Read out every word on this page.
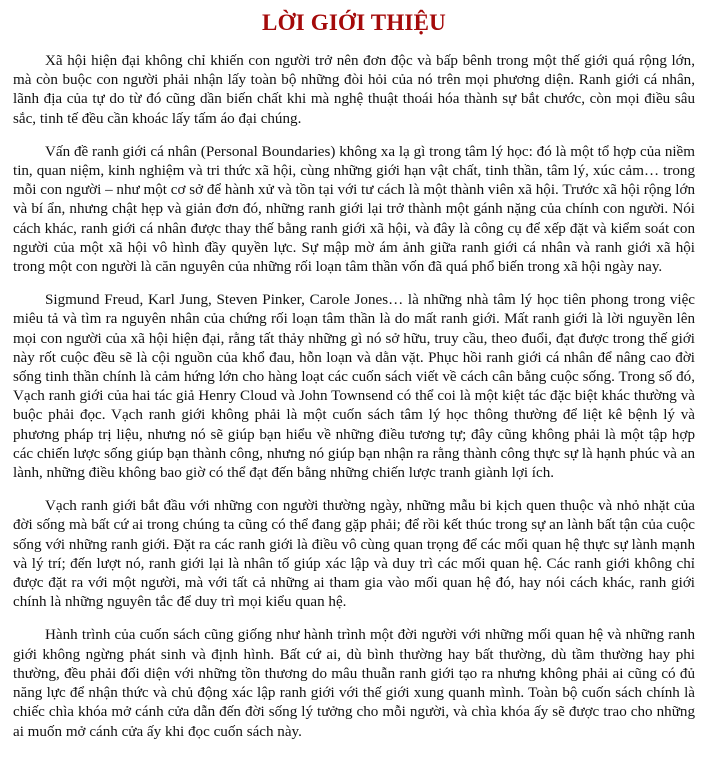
LỜI GIỚI THIỆU

Xã hội hiện đại không chỉ khiến con người trở nên đơn độc và bấp bênh trong một thế giới quá rộng lớn, mà còn buộc con người phải nhận lấy toàn bộ những đòi hỏi của nó trên mọi phương diện. Ranh giới cá nhân, lãnh địa của tự do từ đó cũng dần biến chất khi mà nghệ thuật thoái hóa thành sự bắt chước, còn mọi điều sâu sắc, tinh tế đều cần khoác lấy tấm áo đại chúng.

Vấn đề ranh giới cá nhân (Personal Boundaries) không xa lạ gì trong tâm lý học: đó là một tổ hợp của niềm tin, quan niệm, kinh nghiệm và tri thức xã hội, cùng những giới hạn vật chất, tinh thần, tâm lý, xúc cảm… trong mỗi con người – như một cơ sở để hành xử và tồn tại với tư cách là một thành viên xã hội. Trước xã hội rộng lớn và bí ẩn, nhưng chật hẹp và giản đơn đó, những ranh giới lại trở thành một gánh nặng của chính con người. Nói cách khác, ranh giới cá nhân được thay thế bằng ranh giới xã hội, và đây là công cụ để xếp đặt và kiểm soát con người của một xã hội vô hình đầy quyền lực. Sự mập mờ ám ảnh giữa ranh giới cá nhân và ranh giới xã hội trong một con người là căn nguyên của những rối loạn tâm thần vốn đã quá phổ biến trong xã hội ngày nay.

Sigmund Freud, Karl Jung, Steven Pinker, Carole Jones… là những nhà tâm lý học tiên phong trong việc miêu tả và tìm ra nguyên nhân của chứng rối loạn tâm thần là do mất ranh giới. Mất ranh giới là lời nguyền lên mọi con người của xã hội hiện đại, rằng tất thảy những gì nó sở hữu, truy cầu, theo đuổi, đạt được trong thế giới này rốt cuộc đều sẽ là cội nguồn của khổ đau, hỗn loạn và dằn vặt. Phục hồi ranh giới cá nhân để nâng cao đời sống tinh thần chính là cảm hứng lớn cho hàng loạt các cuốn sách viết về cách cân bằng cuộc sống. Trong số đó, Vạch ranh giới của hai tác giả Henry Cloud và John Townsend có thể coi là một kiệt tác đặc biệt khác thường và buộc phải đọc. Vạch ranh giới không phải là một cuốn sách tâm lý học thông thường để liệt kê bệnh lý và phương pháp trị liệu, nhưng nó sẽ giúp bạn hiểu về những điều tương tự; đây cũng không phải là một tập hợp các chiến lược sống giúp bạn thành công, nhưng nó giúp bạn nhận ra rằng thành công thực sự là hạnh phúc và an lành, những điều không bao giờ có thể đạt đến bằng những chiến lược tranh giành lợi ích.

Vạch ranh giới bắt đầu với những con người thường ngày, những mẫu bi kịch quen thuộc và nhỏ nhặt của đời sống mà bất cứ ai trong chúng ta cũng có thể đang gặp phải; để rồi kết thúc trong sự an lành bất tận của cuộc sống với những ranh giới. Đặt ra các ranh giới là điều vô cùng quan trọng để các mối quan hệ thực sự lành mạnh và lý trí; đến lượt nó, ranh giới lại là nhân tố giúp xác lập và duy trì các mối quan hệ. Các ranh giới không chỉ được đặt ra với một người, mà với tất cả những ai tham gia vào mối quan hệ đó, hay nói cách khác, ranh giới chính là những nguyên tắc để duy trì mọi kiểu quan hệ.

Hành trình của cuốn sách cũng giống như hành trình một đời người với những mối quan hệ và những ranh giới không ngừng phát sinh và định hình. Bất cứ ai, dù bình thường hay bất thường, dù tầm thường hay phi thường, đều phải đối diện với những tồn thương do mâu thuẫn ranh giới tạo ra nhưng không phải ai cũng có đủ năng lực để nhận thức và chủ động xác lập ranh giới với thế giới xung quanh mình. Toàn bộ cuốn sách chính là chiếc chìa khóa mở cánh cửa dẫn đến đời sống lý tưởng cho mỗi người, và chìa khóa ấy sẽ được trao cho những ai muốn mở cánh cửa ấy khi đọc cuốn sách này.
